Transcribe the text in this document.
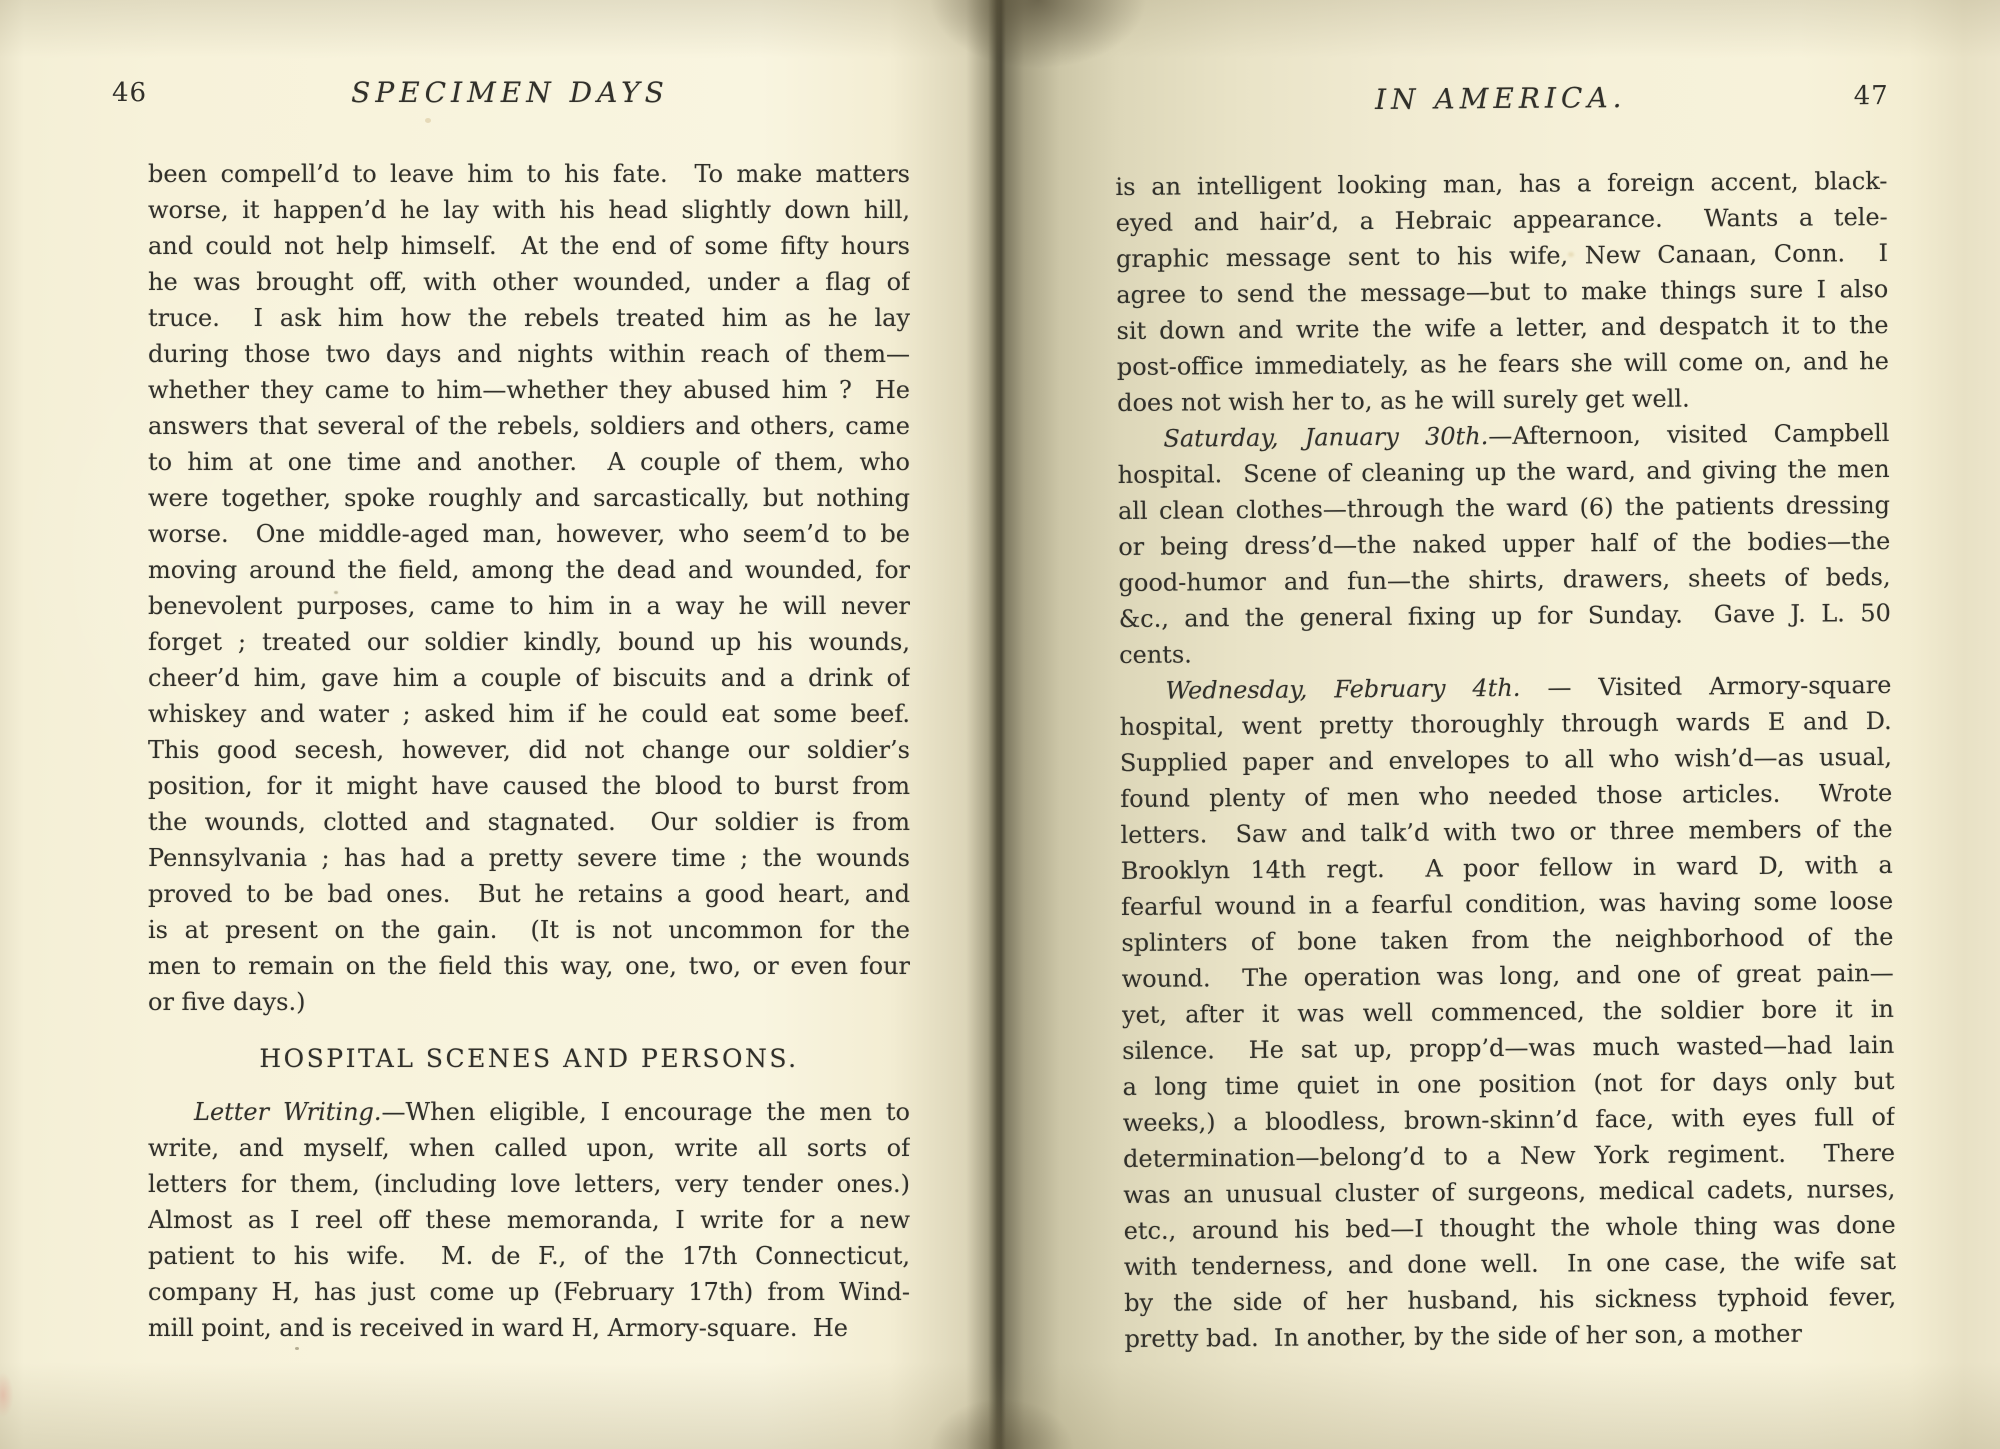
46	SPECIMEN DAYS
been compell’d to leave him to his fate.  To make matters
worse, it happen’d he lay with his head slightly down hill,
and could not help himself.  At the end of some fifty hours
he was brought off, with other wounded, under a flag of
truce.  I ask him how the rebels treated him as he lay
during those two days and nights within reach of them—
whether they came to him—whether they abused him ?  He
answers that several of the rebels, soldiers and others, came
to him at one time and another.  A couple of them, who
were together, spoke roughly and sarcastically, but nothing
worse.  One middle-aged man, however, who seem’d to be
moving around the field, among the dead and wounded, for
benevolent purposes, came to him in a way he will never
forget ; treated our soldier kindly, bound up his wounds,
cheer’d him, gave him a couple of biscuits and a drink of
whiskey and water ; asked him if he could eat some beef.
This good secesh, however, did not change our soldier’s
position, for it might have caused the blood to burst from
the wounds, clotted and stagnated.  Our soldier is from
Pennsylvania ; has had a pretty severe time ; the wounds
proved to be bad ones.  But he retains a good heart, and
is at present on the gain.  (It is not uncommon for the
men to remain on the field this way, one, two, or even four
or five days.)
HOSPITAL SCENES AND PERSONS.
Letter Writing.—When eligible, I encourage the men to
write, and myself, when called upon, write all sorts of
letters for them, (including love letters, very tender ones.)
Almost as I reel off these memoranda, I write for a new
patient to his wife.  M. de F., of the 17th Connecticut,
company H, has just come up (February 17th) from Wind-
mill point, and is received in ward H, Armory-square.  He
IN AMERICA.	47
is an intelligent looking man, has a foreign accent, black-
eyed and hair’d, a Hebraic appearance.  Wants a tele-
graphic message sent to his wife, New Canaan, Conn.  I
agree to send the message—but to make things sure I also
sit down and write the wife a letter, and despatch it to the
post-office immediately, as he fears she will come on, and he
does not wish her to, as he will surely get well.
Saturday, January 30th.—Afternoon, visited Campbell
hospital.  Scene of cleaning up the ward, and giving the men
all clean clothes—through the ward (6) the patients dressing
or being dress’d—the naked upper half of the bodies—the
good-humor and fun—the shirts, drawers, sheets of beds,
&c., and the general fixing up for Sunday.  Gave J. L. 50
cents.
Wednesday, February 4th. — Visited Armory-square
hospital, went pretty thoroughly through wards E and D.
Supplied paper and envelopes to all who wish’d—as usual,
found plenty of men who needed those articles.  Wrote
letters.  Saw and talk’d with two or three members of the
Brooklyn 14th regt.  A poor fellow in ward D, with a
fearful wound in a fearful condition, was having some loose
splinters of bone taken from the neighborhood of the
wound.  The operation was long, and one of great pain—
yet, after it was well commenced, the soldier bore it in
silence.  He sat up, propp’d—was much wasted—had lain
a long time quiet in one position (not for days only but
weeks,) a bloodless, brown-skinn’d face, with eyes full of
determination—belong’d to a New York regiment.  There
was an unusual cluster of surgeons, medical cadets, nurses,
etc., around his bed—I thought the whole thing was done
with tenderness, and done well.  In one case, the wife sat
by the side of her husband, his sickness typhoid fever,
pretty bad.  In another, by the side of her son, a mother
